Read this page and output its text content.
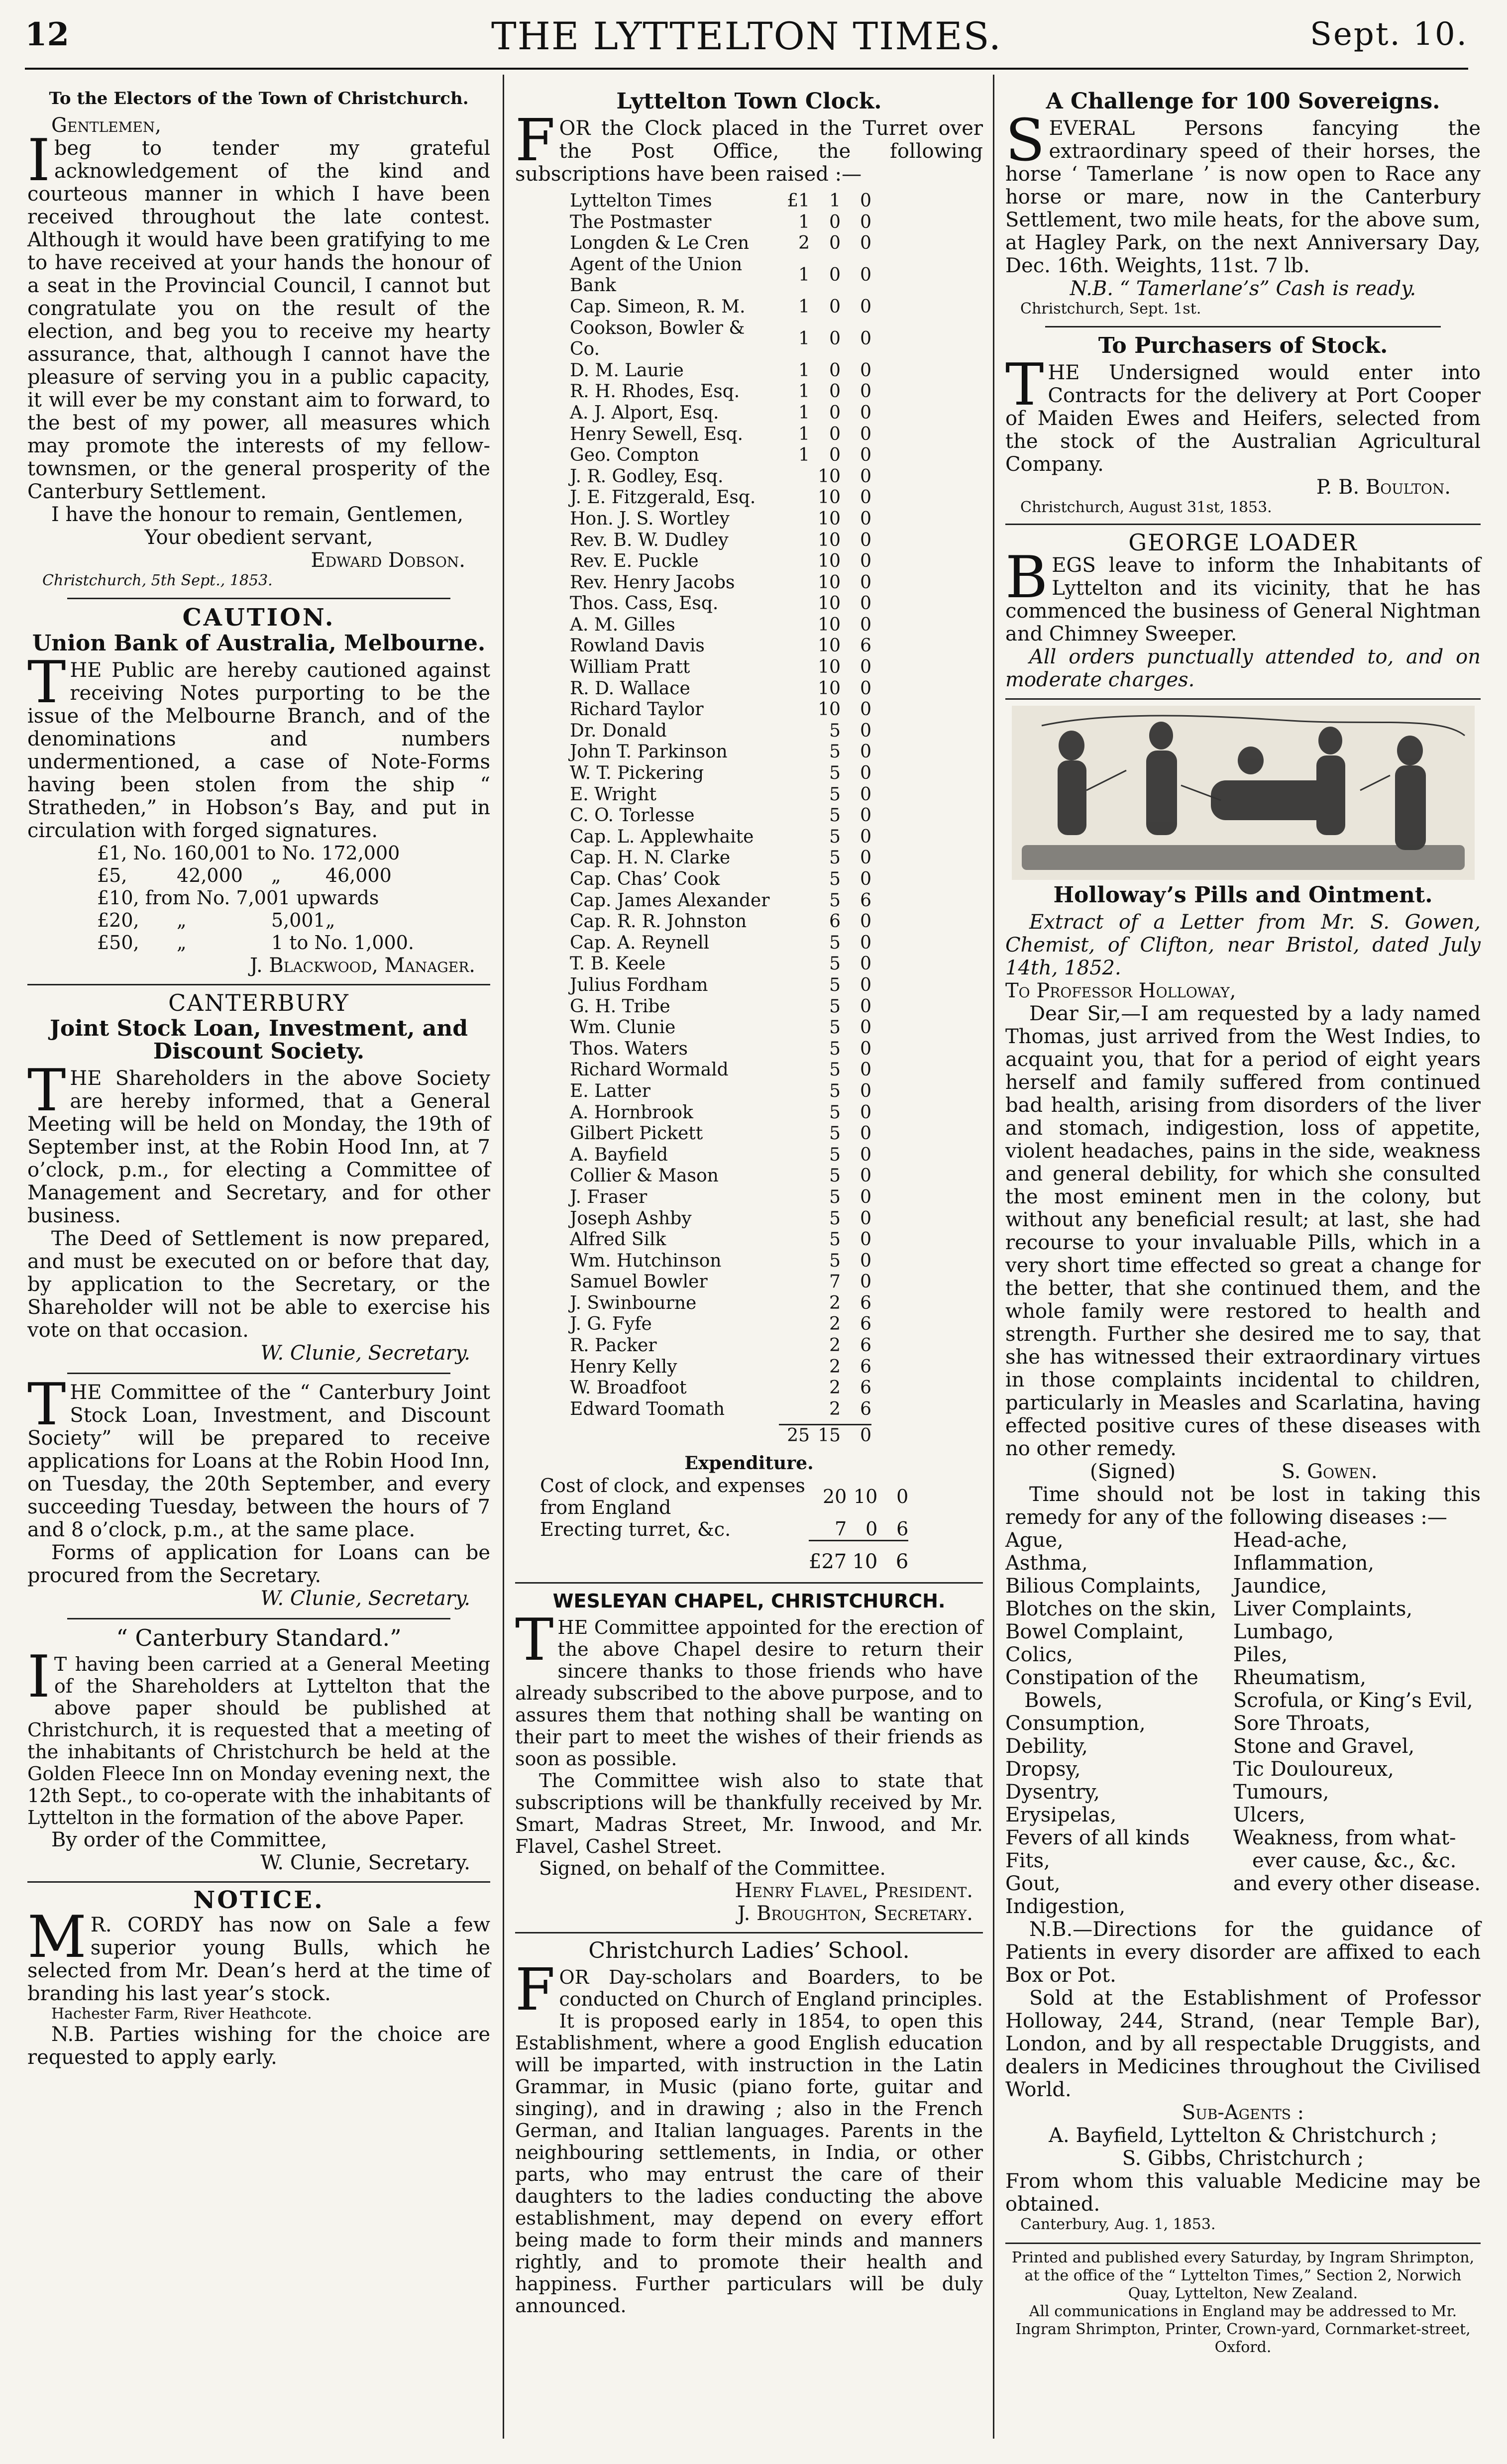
THE LYTTELTON TIMES.
12	Sept. 10.
To the Electors of the Town of Christchurch.
Gentlemen,

Ibeg to tender my grateful acknowledgement of the kind and courteous manner in which I have been received throughout the late contest. Although it would have been gratifying to me to have received at your hands the honour of a seat in the Provincial Council, I cannot but congratulate you on the result of the election, and beg you to receive my hearty assurance, that, although I cannot have the pleasure of serving you in a public capacity, it will ever be my constant aim to forward, to the best of my power, all measures which may promote the interests of my fellow-townsmen, or the general prosperity of the Canterbury Settlement.

I have the honour to remain, Gentlemen,

Your obedient servant,
Edward Dobson.
Christchurch, 5th Sept., 1853.
CAUTION.
Union Bank of Australia, Melbourne.

THE Public are hereby cautioned against receiving Notes purporting to be the issue of the Melbourne Branch, and of the denominations and numbers undermentioned, a case of Note-Forms having been stolen from the ship “ Stratheden,” in Hobson’s Bay, and put in circulation with forged signatures.

£1, No. 160,001 to No. 172,000			
£5,	42,000	„	46,000
£10, from No. 7,001 upwards			
£20,	„	5,001	„
£50,	„	1 to No. 1,000.	
J. Blackwood, Manager.
CANTERBURY
Joint Stock Loan, Investment, and Discount Society.

THE Shareholders in the above Society are hereby informed, that a General Meeting will be held on Monday, the 19th of September inst, at the Robin Hood Inn, at 7 o’clock, p.m., for electing a Committee of Management and Secretary, and for other business.

The Deed of Settlement is now prepared, and must be executed on or before that day, by application to the Secretary, or the Shareholder will not be able to exercise his vote on that occasion.

W. Clunie, Secretary.

THE Committee of the “ Canterbury Joint Stock Loan, Investment, and Discount Society” will be prepared to receive applications for Loans at the Robin Hood Inn, on Tuesday, the 20th September, and every succeeding Tuesday, between the hours of 7 and 8 o’clock, p.m., at the same place.

Forms of application for Loans can be procured from the Secretary.

W. Clunie, Secretary.
“ Canterbury Standard.”

IT having been carried at a General Meeting of the Shareholders at Lyttelton that the above paper should be published at Christchurch, it is requested that a meeting of the inhabitants of Christchurch be held at the Golden Fleece Inn on Monday evening next, the 12th Sept., to co-operate with the inhabitants of Lyttelton in the formation of the above Paper.

By order of the Committee,
W. Clunie, Secretary.
NOTICE.

MR. CORDY has now on Sale a few superior young Bulls, which he selected from Mr. Dean’s herd at the time of branding his last year’s stock.

Hachester Farm, River Heathcote.

N.B. Parties wishing for the choice are requested to apply early.

Lyttelton Town Clock.

FOR the Clock placed in the Turret over the Post Office, the following subscriptions have been raised :—

Lyttelton Times	£1	1	0
The Postmaster	1	0	0
Longden & Le Cren	2	0	0
Agent of the Union Bank	1	0	0
Cap. Simeon, R. M.	1	0	0
Cookson, Bowler & Co.	1	0	0
D. M. Laurie	1	0	0
R. H. Rhodes, Esq.	1	0	0
A. J. Alport, Esq.	1	0	0
Henry Sewell, Esq.	1	0	0
Geo. Compton	1	0	0
J. R. Godley, Esq.		10	0
J. E. Fitzgerald, Esq.		10	0
Hon. J. S. Wortley		10	0
Rev. B. W. Dudley		10	0
Rev. E. Puckle		10	0
Rev. Henry Jacobs		10	0
Thos. Cass, Esq.		10	0
A. M. Gilles		10	0
Rowland Davis		10	6
William Pratt		10	0
R. D. Wallace		10	0
Richard Taylor		10	0
Dr. Donald		5	0
John T. Parkinson		5	0
W. T. Pickering		5	0
E. Wright		5	0
C. O. Torlesse		5	0
Cap. L. Applewhaite		5	0
Cap. H. N. Clarke		5	0
Cap. Chas’ Cook		5	0
Cap. James Alexander		5	6
Cap. R. R. Johnston		6	0
Cap. A. Reynell		5	0
T. B. Keele		5	0
Julius Fordham		5	0
G. H. Tribe		5	0
Wm. Clunie		5	0
Thos. Waters		5	0
Richard Wormald		5	0
E. Latter		5	0
A. Hornbrook		5	0
Gilbert Pickett		5	0
A. Bayfield		5	0
Collier & Mason		5	0
J. Fraser		5	0
Joseph Ashby		5	0
Alfred Silk		5	0
Wm. Hutchinson		5	0
Samuel Bowler		7	0
J. Swinbourne		2	6
J. G. Fyfe		2	6
R. Packer		2	6
Henry Kelly		2	6
W. Broadfoot		2	6
Edward Toomath		2	6
	25	15	0
Expenditure.
Cost of clock, and expenses from England	20	10	0
Erecting turret, &c.	7	0	6
	£27	10	6
WESLEYAN CHAPEL, CHRISTCHURCH.

THE Committee appointed for the erection of the above Chapel desire to return their sincere thanks to those friends who have already subscribed to the above purpose, and to assures them that nothing shall be wanting on their part to meet the wishes of their friends as soon as possible.

The Committee wish also to state that subscriptions will be thankfully received by Mr. Smart, Madras Street, Mr. Inwood, and Mr. Flavel, Cashel Street.

Signed, on behalf of the Committee.

Henry Flavel, President.
J. Broughton, Secretary.
Christchurch Ladies’ School.

FOR Day-scholars and Boarders, to be conducted on Church of England principles. It is proposed early in 1854, to open this Establishment, where a good English education will be imparted, with instruction in the Latin Grammar, in Music (piano forte, guitar and singing), and in drawing ; also in the French German, and Italian languages. Parents in the neighbouring settlements, in India, or other parts, who may entrust the care of their daughters to the ladies conducting the above establishment, may depend on every effort being made to form their minds and manners rightly, and to promote their health and happiness. Further particulars will be duly announced.

A Challenge for 100 Sovereigns.

SEVERAL Persons fancying the extraordinary speed of their horses, the horse ‘ Tamerlane ’ is now open to Race any horse or mare, now in the Canterbury Settlement, two mile heats, for the above sum, at Hagley Park, on the next Anniversary Day, Dec. 16th. Weights, 11st. 7 lb.

N.B. “ Tamerlane’s” Cash is ready.
Christchurch, Sept. 1st.
To Purchasers of Stock.

THE Undersigned would enter into Contracts for the delivery at Port Cooper of Maiden Ewes and Heifers, selected from the stock of the Australian Agricultural Company.

P. B. Boulton.
Christchurch, August 31st, 1853.
GEORGE LOADER

BEGS leave to inform the Inhabitants of Lyttelton and its vicinity, that he has commenced the business of General Nightman and Chimney Sweeper.

All orders punctually attended to, and on moderate charges.

Holloway’s Pills and Ointment.

Extract of a Letter from Mr. S. Gowen, Chemist, of Clifton, near Bristol, dated July 14th, 1852.

To Professor Holloway,

Dear Sir,—I am requested by a lady named Thomas, just arrived from the West Indies, to acquaint you, that for a period of eight years herself and family suffered from continued bad health, arising from disorders of the liver and stomach, indigestion, loss of appetite, violent headaches, pains in the side, weakness and general debility, for which she consulted the most eminent men in the colony, but without any beneficial result; at last, she had recourse to your invaluable Pills, which in a very short time effected so great a change for the better, that she continued them, and the whole family were restored to health and strength. Further she desired me to say, that she has witnessed their extraordinary virtues in those complaints incidental to children, particularly in Measles and Scarlatina, having effected positive cures of these diseases with no other remedy.

(Signed)	S. Gowen.

Time should not be lost in taking this remedy for any of the following diseases :—

Ague,	Head-ache,
Asthma,	Inflammation,
Bilious Complaints,	Jaundice,
Blotches on the skin,	Liver Complaints,
Bowel Complaint,	Lumbago,
Colics,	Piles,
Constipation of the	Rheumatism,
Bowels,	Scrofula, or King’s Evil,
Consumption,	Sore Throats,
Debility,	Stone and Gravel,
Dropsy,	Tic Douloureux,
Dysentry,	Tumours,
Erysipelas,	Ulcers,
Fevers of all kinds	Weakness, from what-
Fits,	ever cause, &c., &c.
Gout,	and every other disease.
Indigestion,	

N.B.—Directions for the guidance of Patients in every disorder are affixed to each Box or Pot.

Sold at the Establishment of Professor Holloway, 244, Strand, (near Temple Bar), London, and by all respectable Druggists, and dealers in Medicines throughout the Civilised World.

Sub-Agents :
A. Bayfield, Lyttelton & Christchurch ;
S. Gibbs, Christchurch ;

From whom this valuable Medicine may be obtained.

Canterbury, Aug. 1, 1853.
Printed and published every Saturday, by Ingram Shrimpton, at the office of the “ Lyttelton Times,” Section 2, Norwich Quay, Lyttelton, New Zealand.
All communications in England may be addressed to Mr. Ingram Shrimpton, Printer, Crown-yard, Cornmarket-street, Oxford.
